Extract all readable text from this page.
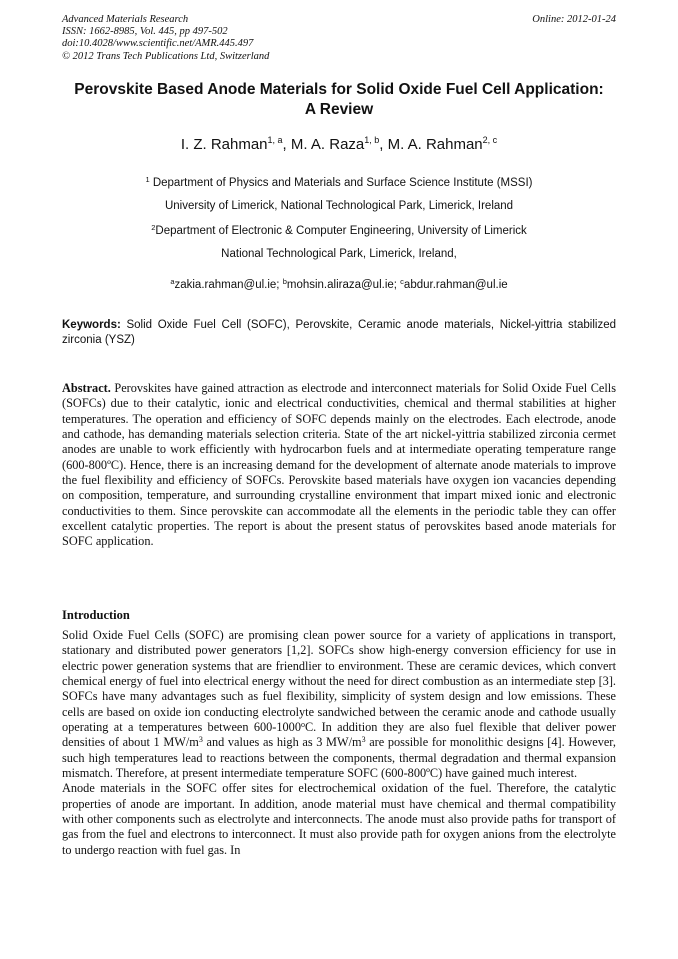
Advanced Materials Research
ISSN: 1662-8985, Vol. 445, pp 497-502
doi:10.4028/www.scientific.net/AMR.445.497
© 2012 Trans Tech Publications Ltd, Switzerland
Online: 2012-01-24
Perovskite Based Anode Materials for Solid Oxide Fuel Cell Application:
A Review
I. Z. Rahman$^{1, a}$, M. A. Raza$^{1, b}$, M. A. Rahman$^{2, c}$
$^1$ Department of Physics and Materials and Surface Science Institute (MSSI)
University of Limerick, National Technological Park, Limerick, Ireland
$^2$Department of Electronic & Computer Engineering, University of Limerick
National Technological Park, Limerick, Ireland,
$^a$zakia.rahman@ul.ie; $^b$mohsin.aliraza@ul.ie; $^c$abdur.rahman@ul.ie
Keywords: Solid Oxide Fuel Cell (SOFC), Perovskite, Ceramic anode materials, Nickel-yittria stabilized zirconia (YSZ)
Abstract. Perovskites have gained attraction as electrode and interconnect materials for Solid Oxide Fuel Cells (SOFCs) due to their catalytic, ionic and electrical conductivities, chemical and thermal stabilities at higher temperatures. The operation and efficiency of SOFC depends mainly on the electrodes. Each electrode, anode and cathode, has demanding materials selection criteria. State of the art nickel-yittria stabilized zirconia cermet anodes are unable to work efficiently with hydrocarbon fuels and at intermediate operating temperature range (600-800ºC). Hence, there is an increasing demand for the development of alternate anode materials to improve the fuel flexibility and efficiency of SOFCs. Perovskite based materials have oxygen ion vacancies depending on composition, temperature, and surrounding crystalline environment that impart mixed ionic and electronic conductivities to them. Since perovskite can accommodate all the elements in the periodic table they can offer excellent catalytic properties. The report is about the present status of perovskites based anode materials for SOFC application.
Introduction
Solid Oxide Fuel Cells (SOFC) are promising clean power source for a variety of applications in transport, stationary and distributed power generators [1,2]. SOFCs show high-energy conversion efficiency for use in electric power generation systems that are friendlier to environment. These are ceramic devices, which convert chemical energy of fuel into electrical energy without the need for direct combustion as an intermediate step [3]. SOFCs have many advantages such as fuel flexibility, simplicity of system design and low emissions. These cells are based on oxide ion conducting electrolyte sandwiched between the ceramic anode and cathode usually operating at a temperatures between 600-1000$^o$C. In addition they are also fuel flexible that deliver power densities of about 1 $MW/m^3$ and values as high as 3 $MW/m^3$ are possible for monolithic designs [4]. However, such high temperatures lead to reactions between the components, thermal degradation and thermal expansion mismatch. Therefore, at present intermediate temperature SOFC (600-800ºC) have gained much interest.
Anode materials in the SOFC offer sites for electrochemical oxidation of the fuel. Therefore, the catalytic properties of anode are important. In addition, anode material must have chemical and thermal compatibility with other components such as electrolyte and interconnects. The anode must also provide paths for transport of gas from the fuel and electrons to interconnect. It must also provide path for oxygen anions from the electrolyte to undergo reaction with fuel gas. In
